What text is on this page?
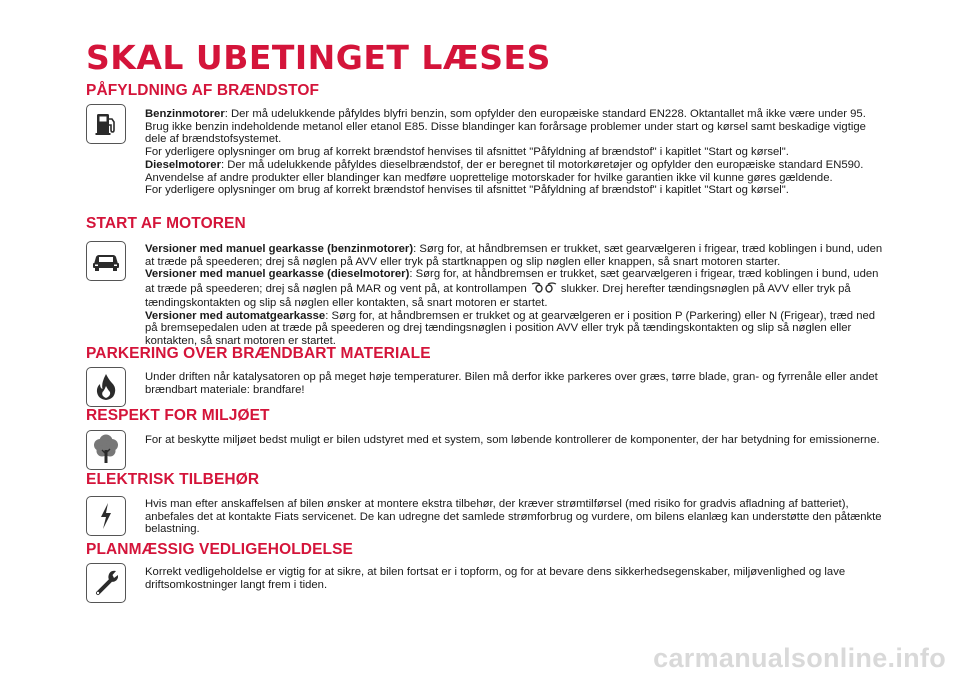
SKAL UBETINGET LÆSES
PÅFYLDNING AF BRÆNDSTOF

Benzinmotorer: Der må udelukkende påfyldes blyfri benzin, som opfylder den europæiske standard EN228. Oktantallet må ikke være under 95. Brug ikke benzin indeholdende metanol eller etanol E85. Disse blandinger kan forårsage problemer under start og kørsel samt beskadige vigtige dele af brændstofsystemet.

For yderligere oplysninger om brug af korrekt brændstof henvises til afsnittet "Påfyldning af brændstof" i kapitlet "Start og kørsel".

Dieselmotorer: Der må udelukkende påfyldes dieselbrændstof, der er beregnet til motorkøretøjer og opfylder den europæiske standard EN590. Anvendelse af andre produkter eller blandinger kan medføre uoprettelige motorskader for hvilke garantien ikke vil kunne gøres gældende.

For yderligere oplysninger om brug af korrekt brændstof henvises til afsnittet "Påfyldning af brændstof" i kapitlet "Start og kørsel".

START AF MOTOREN

Versioner med manuel gearkasse (benzinmotorer): Sørg for, at håndbremsen er trukket, sæt gearvælgeren i frigear, træd koblingen i bund, uden at træde på speederen; drej så nøglen på AVV eller tryk på startknappen og slip nøglen eller knappen, så snart motoren starter.

Versioner med manuel gearkasse (dieselmotorer): Sørg for, at håndbremsen er trukket, sæt gearvælgeren i frigear, træd koblingen i bund, uden at træde på speederen; drej så nøglen på MAR og vent på, at kontrollampen	slukker. Drej herefter tændingsnøglen på AVV eller tryk på tændingskontakten og slip så nøglen eller kontakten, så snart motoren er startet.

Versioner med automatgearkasse: Sørg for, at håndbremsen er trukket og at gearvælgeren er i position P (Parkering) eller N (Frigear), træd ned på bremsepedalen uden at træde på speederen og drej tændingsnøglen i position AVV eller tryk på tændingskontakten og slip så nøglen eller kontakten, så snart motoren er startet.

PARKERING OVER BRÆNDBART MATERIALE

Under driften når katalysatoren op på meget høje temperaturer. Bilen må derfor ikke parkeres over græs, tørre blade, gran- og fyrrenåle eller andet brændbart materiale: brandfare!

RESPEKT FOR MILJØET

For at beskytte miljøet bedst muligt er bilen udstyret med et system, som løbende kontrollerer de komponenter, der har betydning for emissionerne.

ELEKTRISK TILBEHØR

Hvis man efter anskaffelsen af bilen ønsker at montere ekstra tilbehør, der kræver strømtilførsel (med risiko for gradvis afladning af batteriet), anbefales det at kontakte Fiats servicenet. De kan udregne det samlede strømforbrug og vurdere, om bilens elanlæg kan understøtte den påtænkte belastning.

PLANMÆSSIG VEDLIGEHOLDELSE

Korrekt vedligeholdelse er vigtig for at sikre, at bilen fortsat er i topform, og for at bevare dens sikkerhedsegenskaber, miljøvenlighed og lave driftsomkostninger langt frem i tiden.

carmanualsonline.info
